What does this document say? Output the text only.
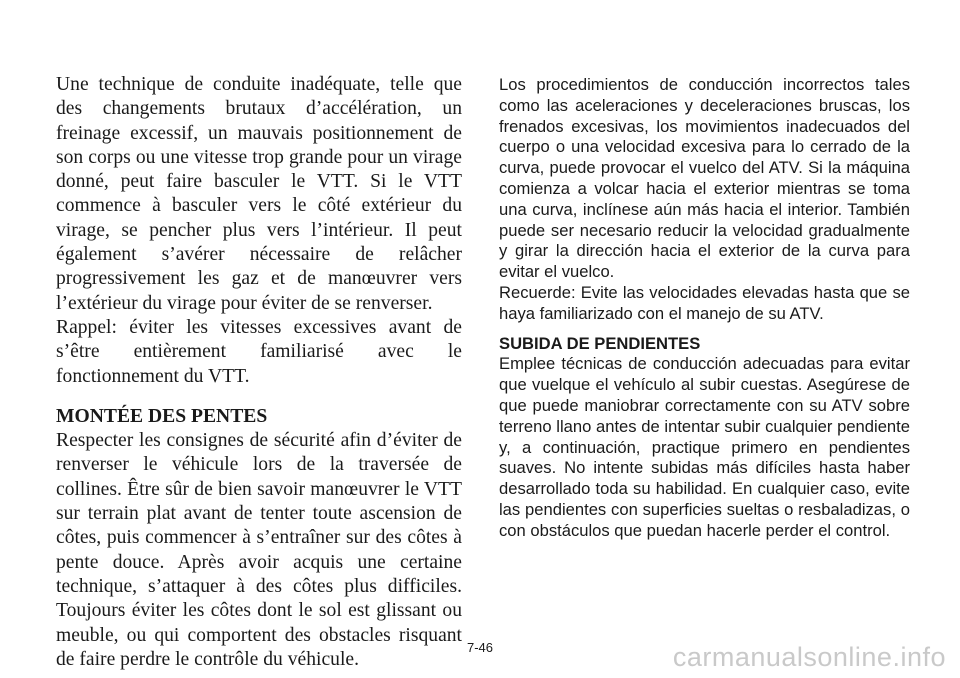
Une technique de conduite inadéquate, telle que des changements brutaux d’accélération, un freinage excessif, un mauvais positionnement de son corps ou une vitesse trop grande pour un virage donné, peut faire basculer le VTT. Si le VTT commence à basculer vers le côté extérieur du virage, se pencher plus vers l’intérieur. Il peut également s’avérer nécessaire de relâcher progressivement les gaz et de manœuvrer vers l’extérieur du virage pour éviter de se renverser.

Rappel: éviter les vitesses excessives avant de s’être entièrement familiarisé avec le fonctionnement du VTT.

MONTÉE DES PENTES

Respecter les consignes de sécurité afin d’éviter de renverser le véhicule lors de la traversée de collines. Être sûr de bien savoir manœuvrer le VTT sur terrain plat avant de tenter toute ascension de côtes, puis commencer à s’entraîner sur des côtes à pente douce. Après avoir acquis une certaine technique, s’attaquer à des côtes plus difficiles. Toujours éviter les côtes dont le sol est glissant ou meuble, ou qui comportent des obstacles risquant de faire perdre le contrôle du véhicule.

Los procedimientos de conducción incorrectos tales como las aceleraciones y deceleraciones bruscas, los frenados excesivas, los movimientos inadecuados del cuerpo o una velocidad excesiva para lo cerrado de la curva, puede provocar el vuelco del ATV. Si la máquina comienza a volcar hacia el exterior mientras se toma una curva, inclínese aún más hacia el interior. También puede ser necesario reducir la velocidad gradualmente y girar la dirección hacia el exterior de la curva para evitar el vuelco.

Recuerde: Evite las velocidades elevadas hasta que se haya familiarizado con el manejo de su ATV.

SUBIDA DE PENDIENTES

Emplee técnicas de conducción adecuadas para evitar que vuelque el vehículo al subir cuestas. Asegúrese de que puede maniobrar correctamente con su ATV sobre terreno llano antes de intentar subir cualquier pendiente y, a continuación, practique primero en pendientes suaves. No intente subidas más difíciles hasta haber desarrollado toda su habilidad. En cualquier caso, evite las pendientes con superficies sueltas o resbaladizas, o con obstáculos que puedan hacerle perder el control.

7-46	carmanualsonline.info
